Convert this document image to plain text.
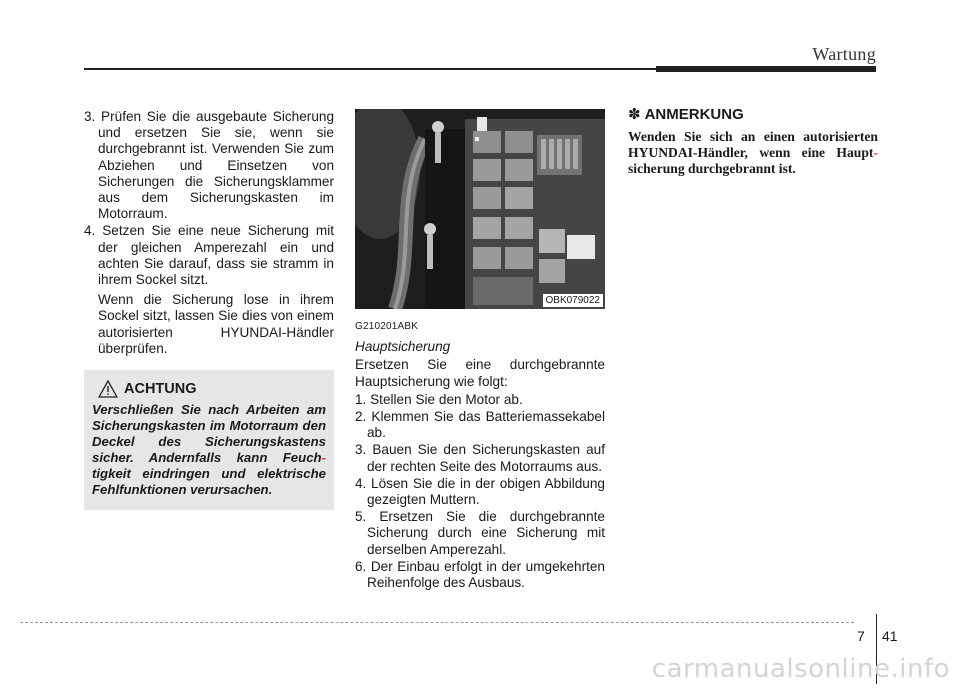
Wartung
3. Prüfen Sie die ausgebaute Sicherung und ersetzen Sie sie, wenn sie durchgebrannt ist. Verwenden Sie zum Abziehen und Einsetzen von Sicherungen die Sicherungsklammer aus dem Sicherungskasten im Motorraum.
4. Setzen Sie eine neue Sicherung mit der gleichen Amperezahl ein und achten Sie darauf, dass sie stramm in ihrem Sockel sitzt.
Wenn die Sicherung lose in ihrem Sockel sitzt, lassen Sie dies von einem autorisierten HYUNDAI-Händler überprüfen.
ACHTUNG
Verschließen Sie nach Arbeiten am Sicherungskasten im Motorraum den Deckel des Sicherungskastens sicher. Andernfalls kann Feuch- tigkeit eindringen und elektrische Fehlfunktionen verursachen.
OBK079022
G210201ABK
Hauptsicherung
Ersetzen Sie eine durchgebrannte Hauptsicherung wie folgt:
1. Stellen Sie den Motor ab.
2. Klemmen Sie das Batteriemassekabel ab.
3. Bauen Sie den Sicherungskasten auf der rechten Seite des Motorraums aus.
4. Lösen Sie die in der obigen Abbildung gezeigten Muttern.
5. Ersetzen Sie die durchgebrannte Sicherung durch eine Sicherung mit derselben Amperezahl.
6. Der Einbau erfolgt in der umgekehrten Reihenfolge des Ausbaus.
✽ ANMERKUNG
Wenden Sie sich an einen autorisierten HYUNDAI-Händler, wenn eine Haupt- sicherung durchgebrannt ist.
7 41
carmanualsonline.info
